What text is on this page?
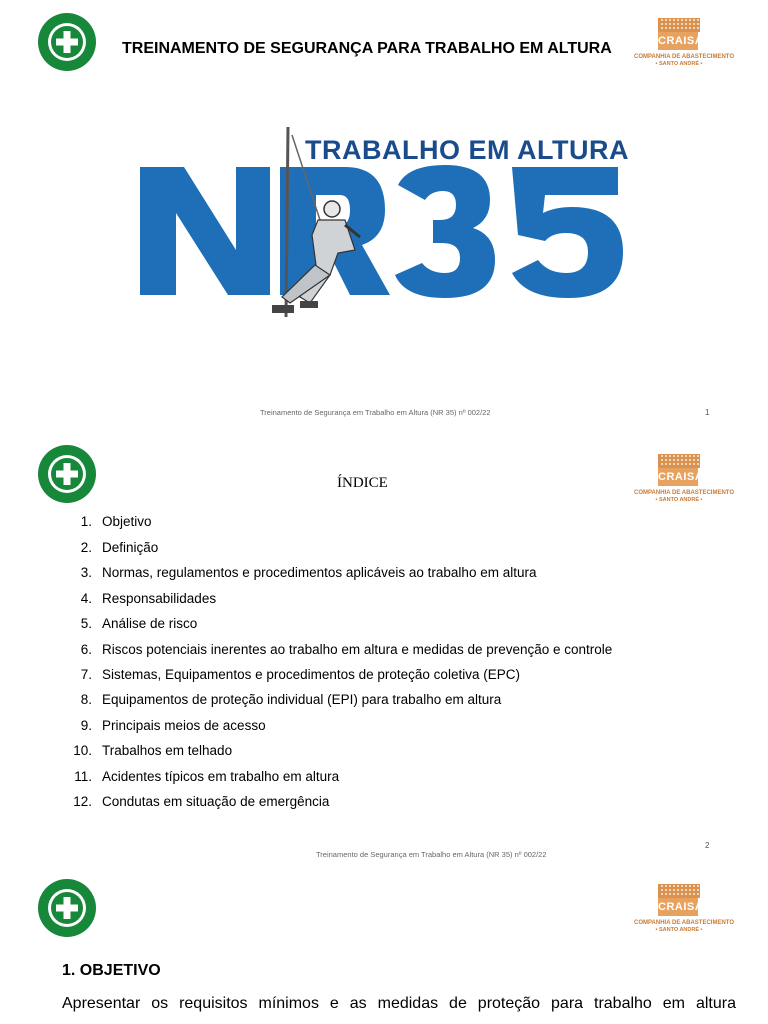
TREINAMENTO DE SEGURANÇA PARA TRABALHO EM ALTURA	CRAISA
COMPANHIA DE ABASTECIMENTO
• SANTO ANDRÉ •
TRABALHO EM ALTURA
Treinamento de Segurança em Trabalho em Altura (NR 35) nº 002/22	1
CRAISA
COMPANHIA DE ABASTECIMENTO
• SANTO ANDRÉ •
ÍNDICE
1. Objetivo
2. Definição
3. Normas, regulamentos e procedimentos aplicáveis ao trabalho em altura
4. Responsabilidades
5. Análise de risco
6. Riscos potenciais inerentes ao trabalho em altura e medidas de prevenção e controle
7. Sistemas, Equipamentos e procedimentos de proteção coletiva (EPC)
8. Equipamentos de proteção individual (EPI) para trabalho em altura
9. Principais meios de acesso
10. Trabalhos em telhado
11. Acidentes típicos em trabalho em altura
12. Condutas em situação de emergência
2
Treinamento de Segurança em Trabalho em Altura (NR 35) nº 002/22
CRAISA
COMPANHIA DE ABASTECIMENTO
• SANTO ANDRÉ •
1. OBJETIVO
Apresentar os requisitos mínimos e as medidas de proteção para trabalho em altura
